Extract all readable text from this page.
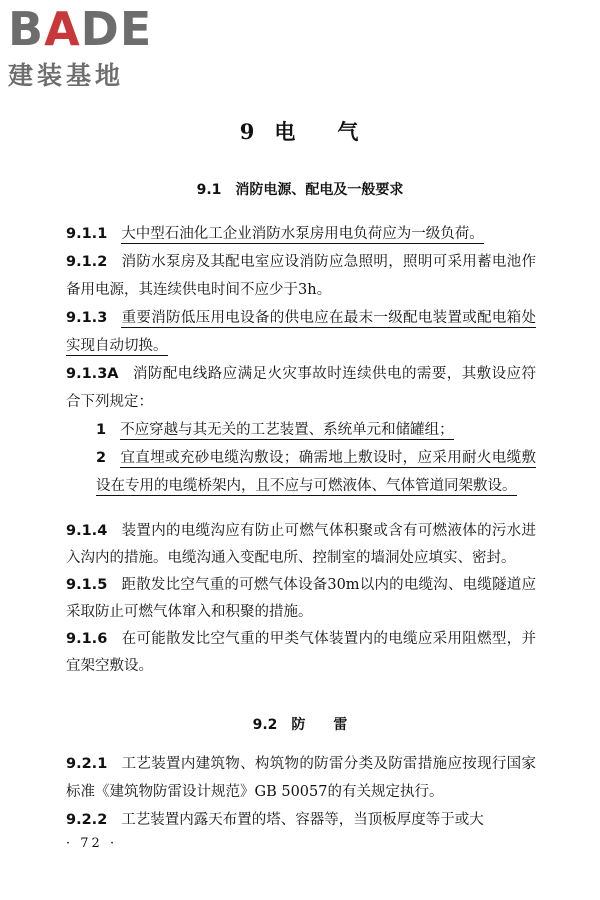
BADE
建装基地
9 电 气
9.1 消防电源、配电及一般要求
9.1.1 大中型石油化工企业消防水泵房用电负荷应为一级负荷。
9.1.2 消防水泵房及其配电室应设消防应急照明，照明可采用蓄电池作备用电源，其连续供电时间不应少于3h。
9.1.3 重要消防低压用电设备的供电应在最末一级配电装置或配电箱处实现自动切换。
9.1.3A 消防配电线路应满足火灾事故时连续供电的需要，其敷设应符合下列规定：
1 不应穿越与其无关的工艺装置、系统单元和储罐组；
2 宜直埋或充砂电缆沟敷设；确需地上敷设时，应采用耐火电缆敷设在专用的电缆桥架内，且不应与可燃液体、气体管道同架敷设。
9.1.4 装置内的电缆沟应有防止可燃气体积聚或含有可燃液体的污水进入沟内的措施。电缆沟通入变配电所、控制室的墙洞处应填实、密封。
9.1.5 距散发比空气重的可燃气体设备30m以内的电缆沟、电缆隧道应采取防止可燃气体窜入和积聚的措施。
9.1.6 在可能散发比空气重的甲类气体装置内的电缆应采用阻燃型，并宜架空敷设。
9.2 防　　雷
9.2.1 工艺装置内建筑物、构筑物的防雷分类及防雷措施应按现行国家标准《建筑物防雷设计规范》GB 50057的有关规定执行。
9.2.2 工艺装置内露天布置的塔、容器等，当顶板厚度等于或大
· 72 ·
